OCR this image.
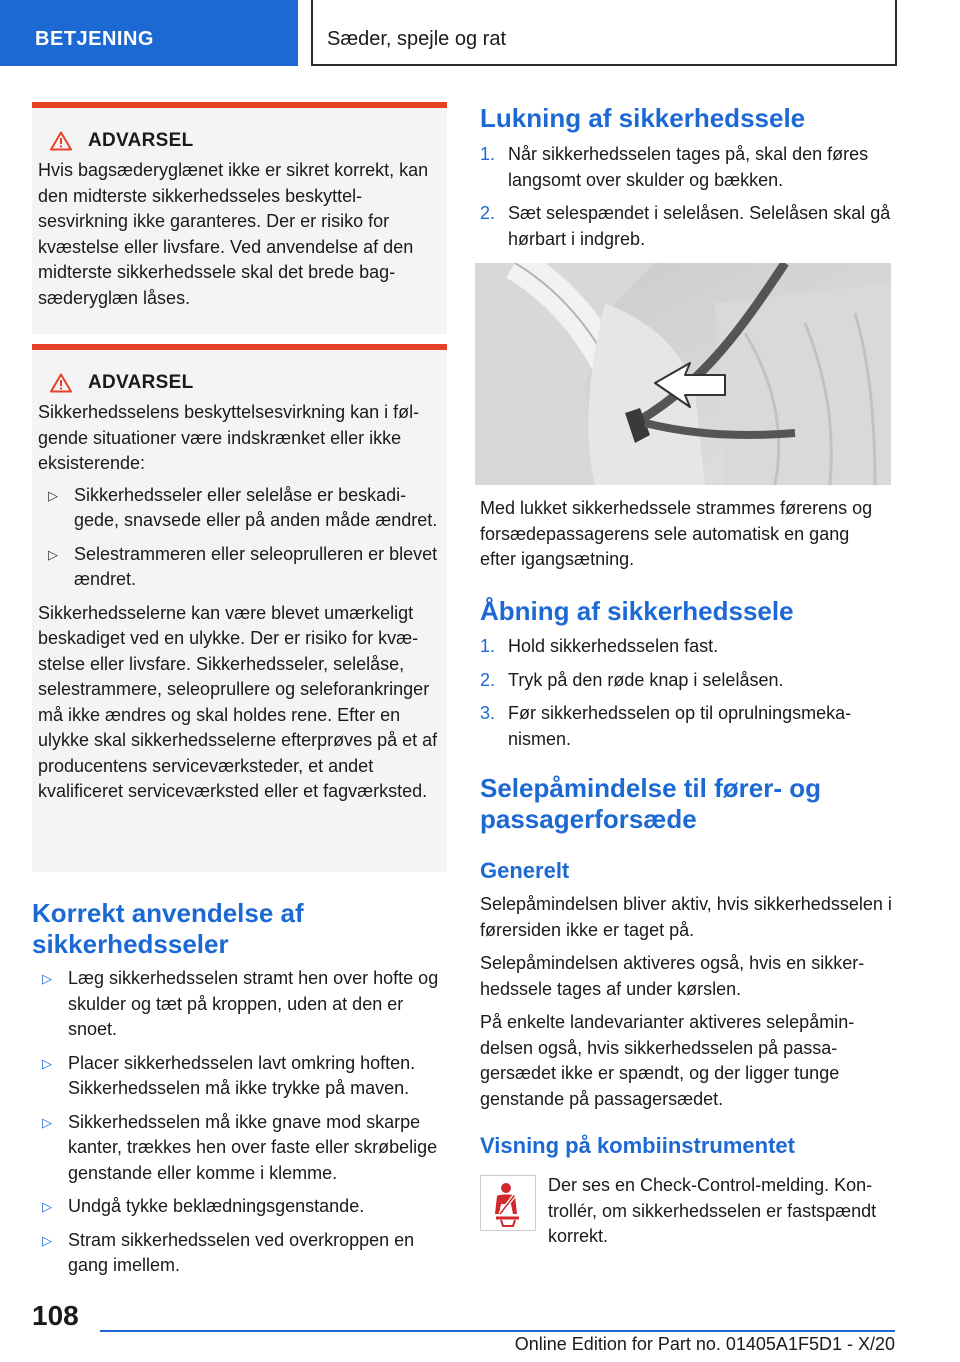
BETJENING	Sæder, spejle og rat
ADVARSEL

Hvis bagsæderyglænet ikke er sikret korrekt, kan den midterste sikkerhedsseles beskyttelsesvirkning ikke garanteres. Der er risiko for kvæstelse eller livsfare. Ved anvendelse af den midterste sikkerhedssele skal det brede bagsæderyglæn låses.

ADVARSEL

Sikkerhedsselens beskyttelsesvirkning kan i følgende situationer være indskrænket eller ikke eksisterende:

▷ Sikkerhedsseler eller selelåse er beskadigede, snavsede eller på anden måde ændret.
▷ Selestrammeren eller seleoprulleren er blevet ændret.

Sikkerhedsselerne kan være blevet umærkeligt beskadiget ved en ulykke. Der er risiko for kvæstelse eller livsfare. Sikkerhedsseler, selelåse, selestrammere, seleoprullere og seleforankringer må ikke ændres og skal holdes rene. Efter en ulykke skal sikkerhedsselerne efterprøves på et af producentens serviceværksteder, et andet kvalificeret serviceværksted eller et fagværksted.

Korrekt anvendelse af sikkerhedsseler
▷ Læg sikkerhedsselen stramt hen over hofte og skulder og tæt på kroppen, uden at den er snoet.
▷ Placer sikkerhedsselen lavt omkring hoften. Sikkerhedsselen må ikke trykke på maven.
▷ Sikkerhedsselen må ikke gnave mod skarpe kanter, trækkes hen over faste eller skrøbelige genstande eller komme i klemme.
▷ Undgå tykke beklædningsgenstande.
▷ Stram sikkerhedsselen ved overkroppen en gang imellem.
Lukning af sikkerhedssele
1. Når sikkerhedsselen tages på, skal den føres langsomt over skulder og bækken.
2. Sæt selespændet i selelåsen. Selelåsen skal gå hørbart i indgreb.

Med lukket sikkerhedssele strammes førerens og forsædepassagerens sele automatisk en gang efter igangsætning.

Åbning af sikkerhedssele
1. Hold sikkerhedsselen fast.
2. Tryk på den røde knap i selelåsen.
3. Før sikkerhedsselen op til oprulningsmekanismen.
Selepåmindelse til fører- og passagerforsæde
Generelt

Selepåmindelsen bliver aktiv, hvis sikkerhedsselen i førersiden ikke er taget på.

Selepåmindelsen aktiveres også, hvis en sikkerhedssele tages af under kørslen.

På enkelte landevarianter aktiveres selepåmindelsen også, hvis sikkerhedsselen på passagersædet ikke er spændt, og der ligger tunge genstande på passagersædet.

Visning på kombiinstrumentet

Der ses en Check-Control-melding. Kontrollér, om sikkerhedsselen er fastspændt korrekt.

108
Online Edition for Part no. 01405A1F5D1 - X/20
